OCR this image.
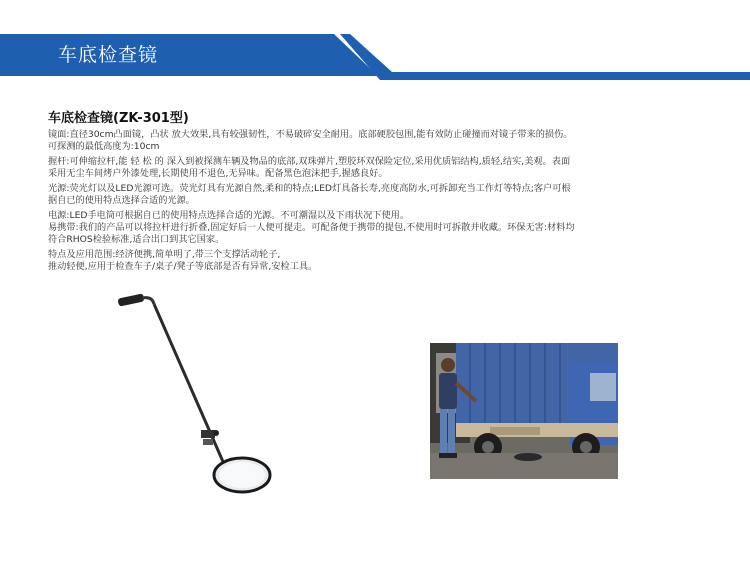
车底检查镜
车底检查镜(ZK-301型)
镜面:直径30cm凸面镜，凸状 放大效果,具有较强韧性，不易破碎安全耐用。底部硬胶包围,能有效防止碰撞而对镜子带来的损伤。
可探测的最低高度为:10cm
握杆:可伸缩拉杆,能 轻 松 的 深入到被探测车辆及物品的底部,双珠弹片,塑胶环双保险定位,采用优质铝结构,质轻,结实,美观。表面
采用无尘车间烤户外漆处理,长期使用不退色,无异味。配备黑色泡沫把手,握感良好。
光源:荧光灯以及LED光源可选。荧光灯具有光源自然,柔和的特点;LED灯具备长寿,亮度高防水,可拆卸充当工作灯等特点;客户可根
据自已的使用特点选择合适的光源。
电源:LED手电筒可根据自已的使用特点选择合适的光源。不可潮湿以及下雨状况下使用。
易携带:我们的产品可以将拉杆进行折叠,固定好后一人便可提走。可配备便于携带的提包,不使用时可拆散并收藏。环保无害:材料均
符合RHOS检验标准,适合出口到其它国家。
特点及应用范围:经济便携,简单明了,带三个支撑活动轮子,
推动轻便,应用于检查车子/桌子/凳子等底部是否有异常,安检工具。
